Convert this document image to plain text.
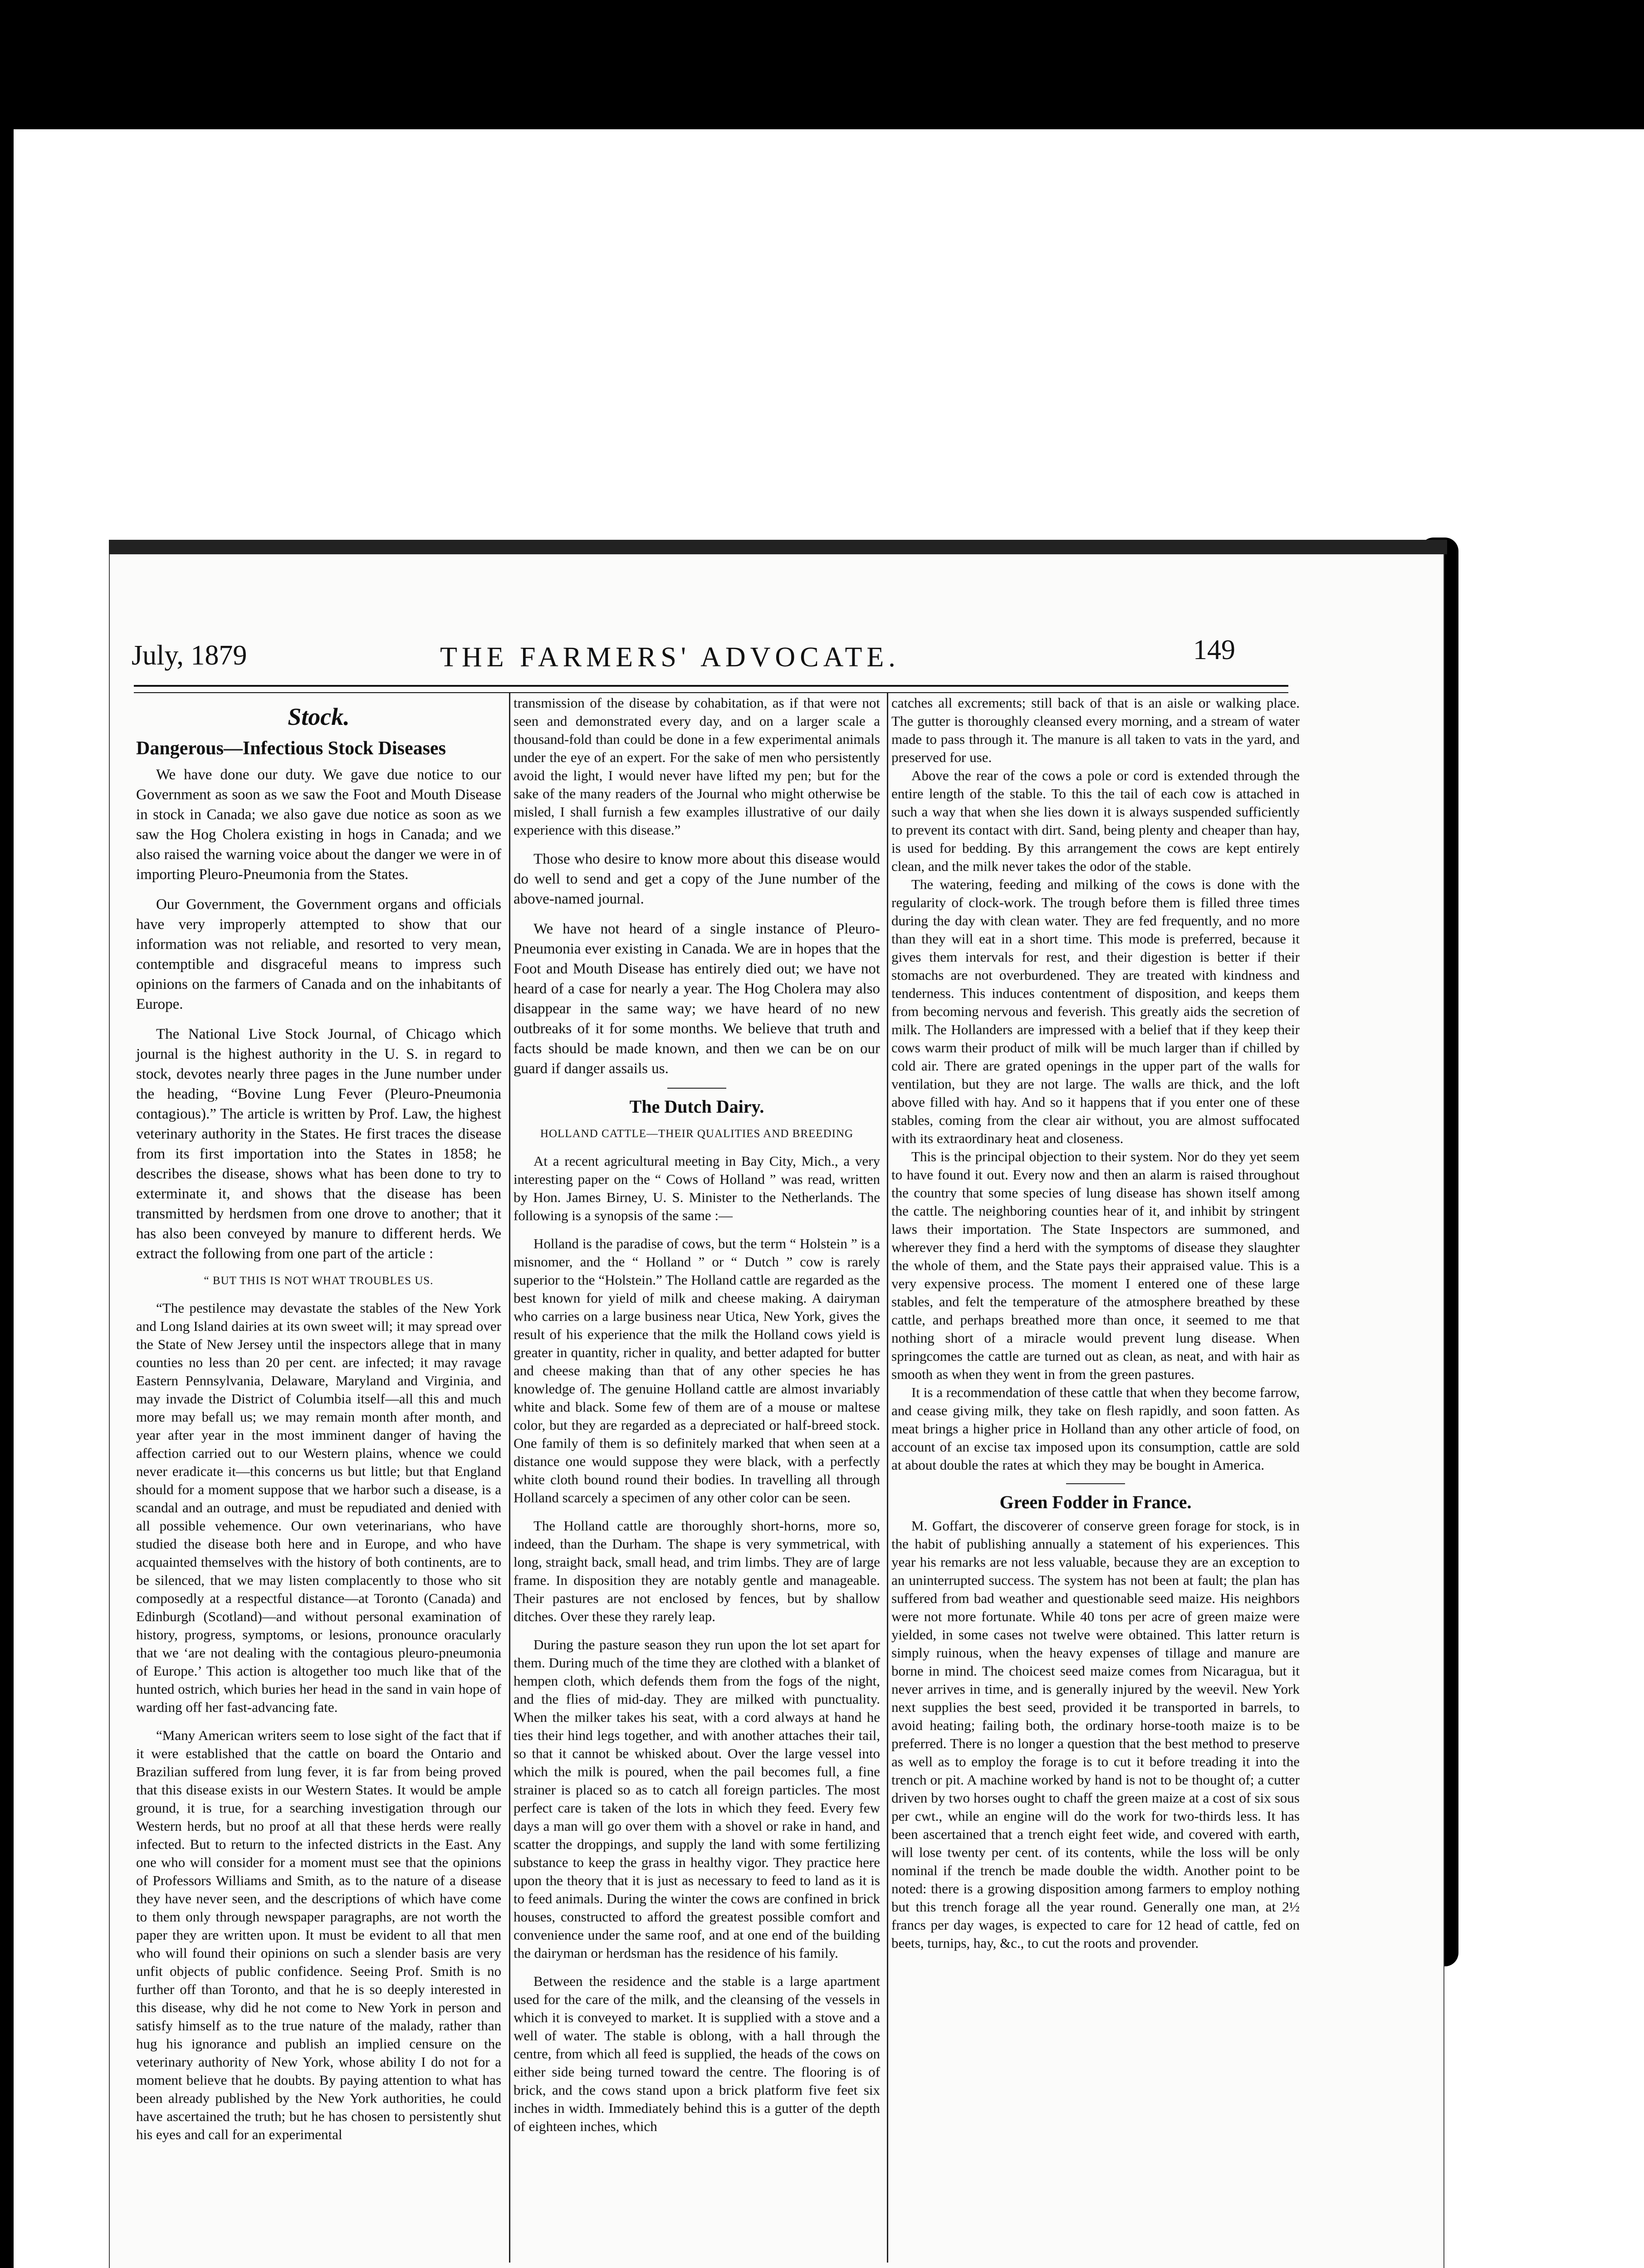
July, 1879	THE FARMERS' ADVOCATE.	149
Stock.
Dangerous—Infectious Stock Diseases

We have done our duty. We gave due notice to our Government as soon as we saw the Foot and Mouth Disease in stock in Canada; we also gave due notice as soon as we saw the Hog Cholera existing in hogs in Canada; and we also raised the warning voice about the danger we were in of importing Pleuro-Pneumonia from the States.

Our Government, the Government organs and officials have very improperly attempted to show that our information was not reliable, and resorted to very mean, contemptible and disgraceful means to impress such opinions on the farmers of Canada and on the inhabitants of Europe.

The National Live Stock Journal, of Chicago which journal is the highest authority in the U. S. in regard to stock, devotes nearly three pages in the June number under the heading, “Bovine Lung Fever (Pleuro-Pneumonia contagious).” The article is written by Prof. Law, the highest veterinary authority in the States. He first traces the disease from its first importation into the States in 1858; he describes the disease, shows what has been done to try to exterminate it, and shows that the disease has been transmitted by herdsmen from one drove to another; that it has also been conveyed by manure to different herds. We extract the following from one part of the article :

“ BUT THIS IS NOT WHAT TROUBLES US.

“The pestilence may devastate the stables of the New York and Long Island dairies at its own sweet will; it may spread over the State of New Jersey until the inspectors allege that in many counties no less than 20 per cent. are infected; it may ravage Eastern Pennsylvania, Delaware, Maryland and Virginia, and may invade the District of Columbia itself—all this and much more may befall us; we may remain month after month, and year after year in the most imminent danger of having the affection carried out to our Western plains, whence we could never eradicate it—this concerns us but little; but that England should for a moment suppose that we harbor such a disease, is a scandal and an outrage, and must be repudiated and denied with all possible vehemence. Our own veterinarians, who have studied the disease both here and in Europe, and who have acquainted themselves with the history of both continents, are to be silenced, that we may listen complacently to those who sit composedly at a respectful distance—at Toronto (Canada) and Edinburgh (Scotland)—and without personal examination of history, progress, symptoms, or lesions, pronounce oracularly that we ‘are not dealing with the contagious pleuro-pneumonia of Europe.’ This action is altogether too much like that of the hunted ostrich, which buries her head in the sand in vain hope of warding off her fast-advancing fate.

“Many American writers seem to lose sight of the fact that if it were established that the cattle on board the Ontario and Brazilian suffered from lung fever, it is far from being proved that this disease exists in our Western States. It would be ample ground, it is true, for a searching investigation through our Western herds, but no proof at all that these herds were really infected. But to return to the infected districts in the East. Any one who will consider for a moment must see that the opinions of Professors Williams and Smith, as to the nature of a disease they have never seen, and the descriptions of which have come to them only through newspaper paragraphs, are not worth the paper they are written upon. It must be evident to all that men who will found their opinions on such a slender basis are very unfit objects of public confidence. Seeing Prof. Smith is no further off than Toronto, and that he is so deeply interested in this disease, why did he not come to New York in person and satisfy himself as to the true nature of the malady, rather than hug his ignorance and publish an implied censure on the veterinary authority of New York, whose ability I do not for a moment believe that he doubts. By paying attention to what has been already published by the New York authorities, he could have ascertained the truth; but he has chosen to persistently shut his eyes and call for an experimental

transmission of the disease by cohabitation, as if that were not seen and demonstrated every day, and on a larger scale a thousand-fold than could be done in a few experimental animals under the eye of an expert. For the sake of men who persistently avoid the light, I would never have lifted my pen; but for the sake of the many readers of the Journal who might otherwise be misled, I shall furnish a few examples illustrative of our daily experience with this disease.”

Those who desire to know more about this disease would do well to send and get a copy of the June number of the above-named journal.

We have not heard of a single instance of Pleuro-Pneumonia ever existing in Canada. We are in hopes that the Foot and Mouth Disease has entirely died out; we have not heard of a case for nearly a year. The Hog Cholera may also disappear in the same way; we have heard of no new outbreaks of it for some months. We believe that truth and facts should be made known, and then we can be on our guard if danger assails us.

The Dutch Dairy.
HOLLAND CATTLE—THEIR QUALITIES AND BREEDING

At a recent agricultural meeting in Bay City, Mich., a very interesting paper on the “ Cows of Holland ” was read, written by Hon. James Birney, U. S. Minister to the Netherlands. The following is a synopsis of the same :—

Holland is the paradise of cows, but the term “ Holstein ” is a misnomer, and the “ Holland ” or “ Dutch ” cow is rarely superior to the “Holstein.” The Holland cattle are regarded as the best known for yield of milk and cheese making. A dairyman who carries on a large business near Utica, New York, gives the result of his experience that the milk the Holland cows yield is greater in quantity, richer in quality, and better adapted for butter and cheese making than that of any other species he has knowledge of. The genuine Holland cattle are almost invariably white and black. Some few of them are of a mouse or maltese color, but they are regarded as a depreciated or half-breed stock. One family of them is so definitely marked that when seen at a distance one would suppose they were black, with a perfectly white cloth bound round their bodies. In travelling all through Holland scarcely a specimen of any other color can be seen.

The Holland cattle are thoroughly short-horns, more so, indeed, than the Durham. The shape is very symmetrical, with long, straight back, small head, and trim limbs. They are of large frame. In disposition they are notably gentle and manageable. Their pastures are not enclosed by fences, but by shallow ditches. Over these they rarely leap.

During the pasture season they run upon the lot set apart for them. During much of the time they are clothed with a blanket of hempen cloth, which defends them from the fogs of the night, and the flies of mid-day. They are milked with punctuality. When the milker takes his seat, with a cord always at hand he ties their hind legs together, and with another attaches their tail, so that it cannot be whisked about. Over the large vessel into which the milk is poured, when the pail becomes full, a fine strainer is placed so as to catch all foreign particles. The most perfect care is taken of the lots in which they feed. Every few days a man will go over them with a shovel or rake in hand, and scatter the droppings, and supply the land with some fertilizing substance to keep the grass in healthy vigor. They practice here upon the theory that it is just as necessary to feed to land as it is to feed animals. During the winter the cows are confined in brick houses, constructed to afford the greatest possible comfort and convenience under the same roof, and at one end of the building the dairyman or herdsman has the residence of his family.

Between the residence and the stable is a large apartment used for the care of the milk, and the cleansing of the vessels in which it is conveyed to market. It is supplied with a stove and a well of water. The stable is oblong, with a hall through the centre, from which all feed is supplied, the heads of the cows on either side being turned toward the centre. The flooring is of brick, and the cows stand upon a brick platform five feet six inches in width. Immediately behind this is a gutter of the depth of eighteen inches, which

catches all excrements; still back of that is an aisle or walking place. The gutter is thoroughly cleansed every morning, and a stream of water made to pass through it. The manure is all taken to vats in the yard, and preserved for use.

Above the rear of the cows a pole or cord is extended through the entire length of the stable. To this the tail of each cow is attached in such a way that when she lies down it is always suspended sufficiently to prevent its contact with dirt. Sand, being plenty and cheaper than hay, is used for bedding. By this arrangement the cows are kept entirely clean, and the milk never takes the odor of the stable.

The watering, feeding and milking of the cows is done with the regularity of clock-work. The trough before them is filled three times during the day with clean water. They are fed frequently, and no more than they will eat in a short time. This mode is preferred, because it gives them intervals for rest, and their digestion is better if their stomachs are not overburdened. They are treated with kindness and tenderness. This induces contentment of disposition, and keeps them from becoming nervous and feverish. This greatly aids the secretion of milk. The Hollanders are impressed with a belief that if they keep their cows warm their product of milk will be much larger than if chilled by cold air. There are grated openings in the upper part of the walls for ventilation, but they are not large. The walls are thick, and the loft above filled with hay. And so it happens that if you enter one of these stables, coming from the clear air without, you are almost suffocated with its extraordinary heat and closeness.

This is the principal objection to their system. Nor do they yet seem to have found it out. Every now and then an alarm is raised throughout the country that some species of lung disease has shown itself among the cattle. The neighboring counties hear of it, and inhibit by stringent laws their importation. The State Inspectors are summoned, and wherever they find a herd with the symptoms of disease they slaughter the whole of them, and the State pays their appraised value. This is a very expensive process. The moment I entered one of these large stables, and felt the temperature of the atmosphere breathed by these cattle, and perhaps breathed more than once, it seemed to me that nothing short of a miracle would prevent lung disease. When springcomes the cattle are turned out as clean, as neat, and with hair as smooth as when they went in from the green pastures.

It is a recommendation of these cattle that when they become farrow, and cease giving milk, they take on flesh rapidly, and soon fatten. As meat brings a higher price in Holland than any other article of food, on account of an excise tax imposed upon its consumption, cattle are sold at about double the rates at which they may be bought in America.

Green Fodder in France.

M. Goffart, the discoverer of conserve green forage for stock, is in the habit of publishing annually a statement of his experiences. This year his remarks are not less valuable, because they are an exception to an uninterrupted success. The system has not been at fault; the plan has suffered from bad weather and questionable seed maize. His neighbors were not more fortunate. While 40 tons per acre of green maize were yielded, in some cases not twelve were obtained. This latter return is simply ruinous, when the heavy expenses of tillage and manure are borne in mind. The choicest seed maize comes from Nicaragua, but it never arrives in time, and is generally injured by the weevil. New York next supplies the best seed, provided it be transported in barrels, to avoid heating; failing both, the ordinary horse-tooth maize is to be preferred. There is no longer a question that the best method to preserve as well as to employ the forage is to cut it before treading it into the trench or pit. A machine worked by hand is not to be thought of; a cutter driven by two horses ought to chaff the green maize at a cost of six sous per cwt., while an engine will do the work for two-thirds less. It has been ascertained that a trench eight feet wide, and covered with earth, will lose twenty per cent. of its contents, while the loss will be only nominal if the trench be made double the width. Another point to be noted: there is a growing disposition among farmers to employ nothing but this trench forage all the year round. Generally one man, at 2½ francs per day wages, is expected to care for 12 head of cattle, fed on beets, turnips, hay, &c., to cut the roots and provender.
